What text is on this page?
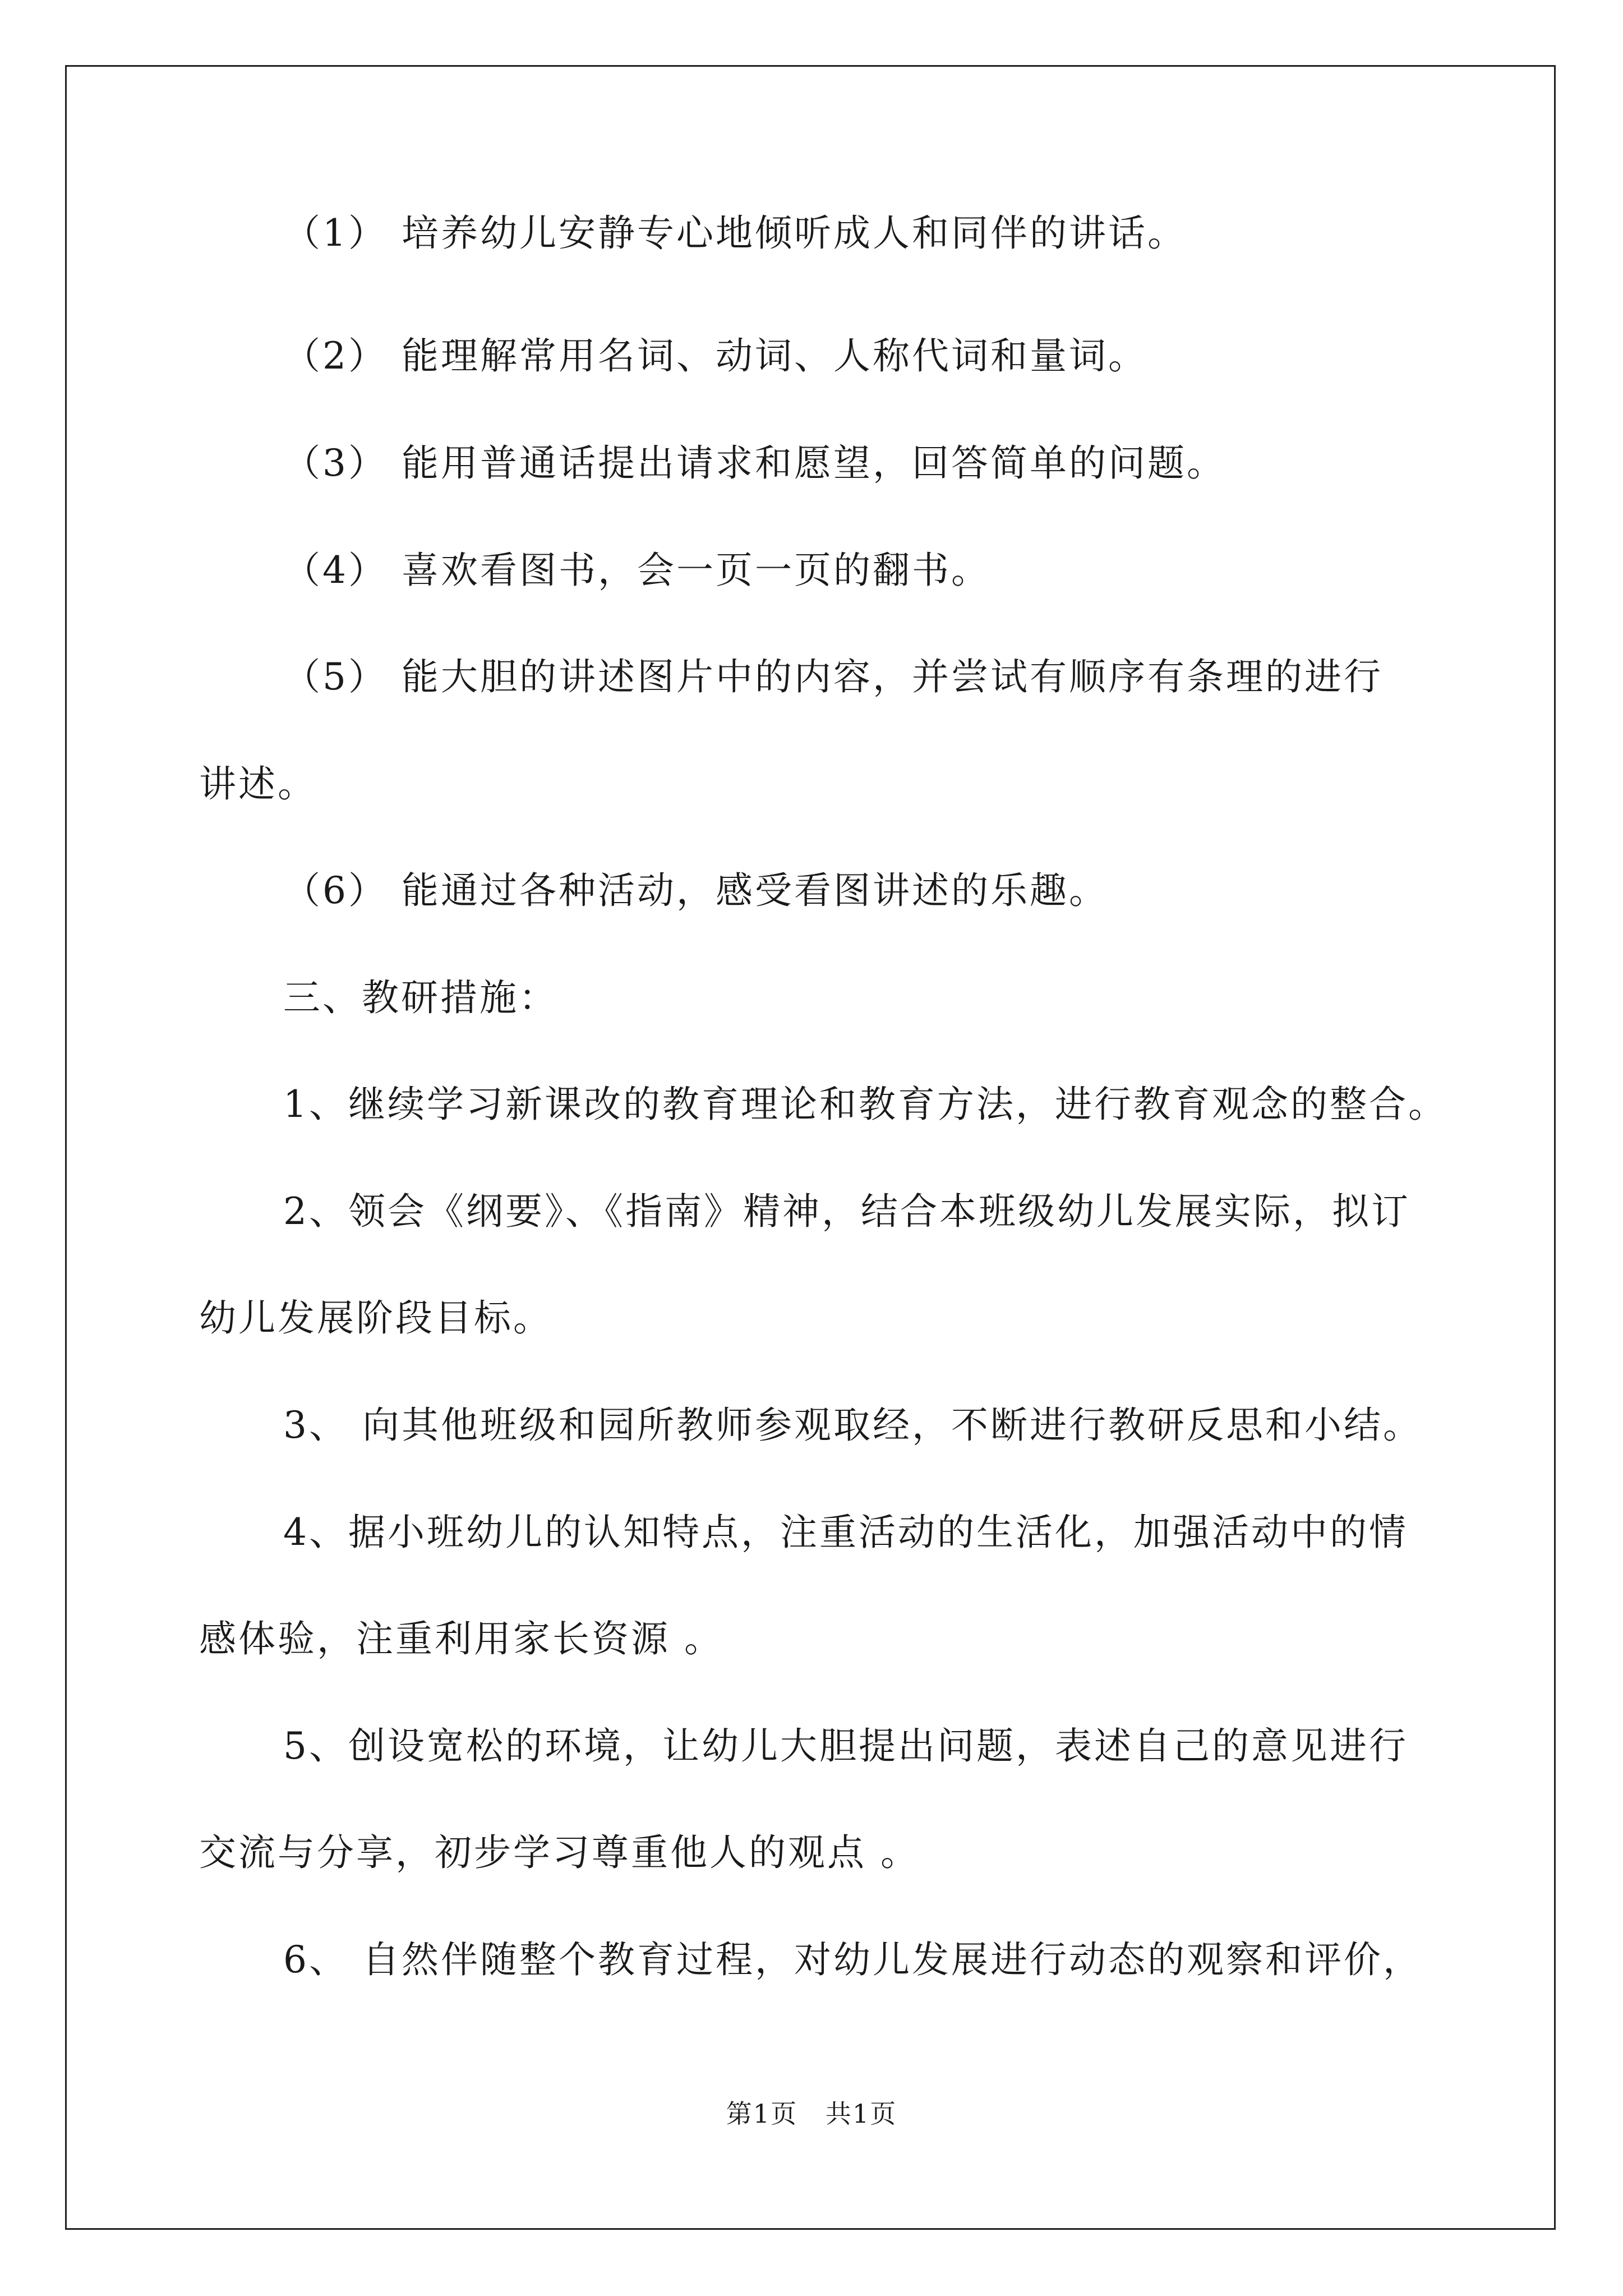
（1） 培养幼儿安静专心地倾听成人和同伴的讲话。
（2） 能理解常用名词、动词、人称代词和量词。
（3） 能用普通话提出请求和愿望，回答简单的问题。
（4） 喜欢看图书，会一页一页的翻书。
（5） 能大胆的讲述图片中的内容，并尝试有顺序有条理的进行
讲述。
（6） 能通过各种活动，感受看图讲述的乐趣。
三、教研措施：
1、继续学习新课改的教育理论和教育方法，进行教育观念的整合。
2、领会《纲要》、《指南》精神，结合本班级幼儿发展实际，拟订
幼儿发展阶段目标。
3、 向其他班级和园所教师参观取经，不断进行教研反思和小结。
4、据小班幼儿的认知特点，注重活动的生活化，加强活动中的情
感体验，注重利用家长资源 。
5、创设宽松的环境，让幼儿大胆提出问题，表述自己的意见进行
交流与分享，初步学习尊重他人的观点 。
6、 自然伴随整个教育过程，对幼儿发展进行动态的观察和评价，
第1页   共1页
